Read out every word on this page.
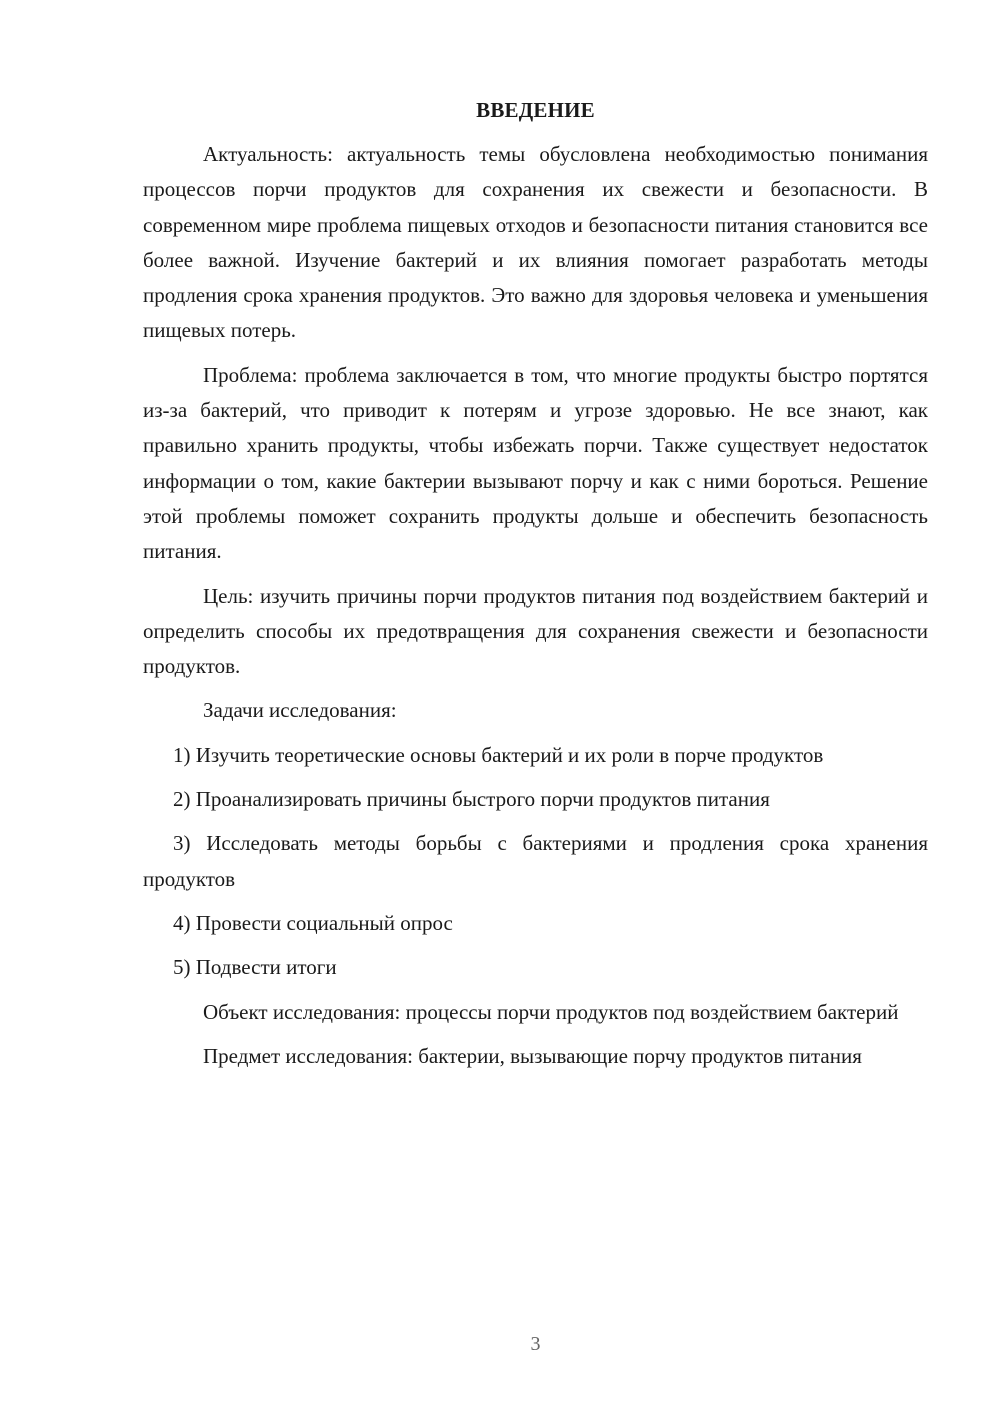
ВВЕДЕНИЕ

Актуальность: актуальность темы обусловлена необходимостью понимания процессов порчи продуктов для сохранения их свежести и безопасности. В современном мире проблема пищевых отходов и безопасности питания становится все более важной. Изучение бактерий и их влияния помогает разработать методы продления срока хранения продуктов. Это важно для здоровья человека и уменьшения пищевых потерь.

Проблема: проблема заключается в том, что многие продукты быстро портятся из-за бактерий, что приводит к потерям и угрозе здоровью. Не все знают, как правильно хранить продукты, чтобы избежать порчи. Также существует недостаток информации о том, какие бактерии вызывают порчу и как с ними бороться. Решение этой проблемы поможет сохранить продукты дольше и обеспечить безопасность питания.

Цель: изучить причины порчи продуктов питания под воздействием бактерий и определить способы их предотвращения для сохранения свежести и безопасности продуктов.

Задачи исследования:

1) Изучить теоретические основы бактерий и их роли в порче продуктов

2) Проанализировать причины быстрого порчи продуктов питания

3) Исследовать методы борьбы с бактериями и продления срока хранения продуктов

4) Провести социальный опрос

5) Подвести итоги

Объект исследования: процессы порчи продуктов под воздействием бактерий

Предмет исследования: бактерии, вызывающие порчу продуктов питания

3
